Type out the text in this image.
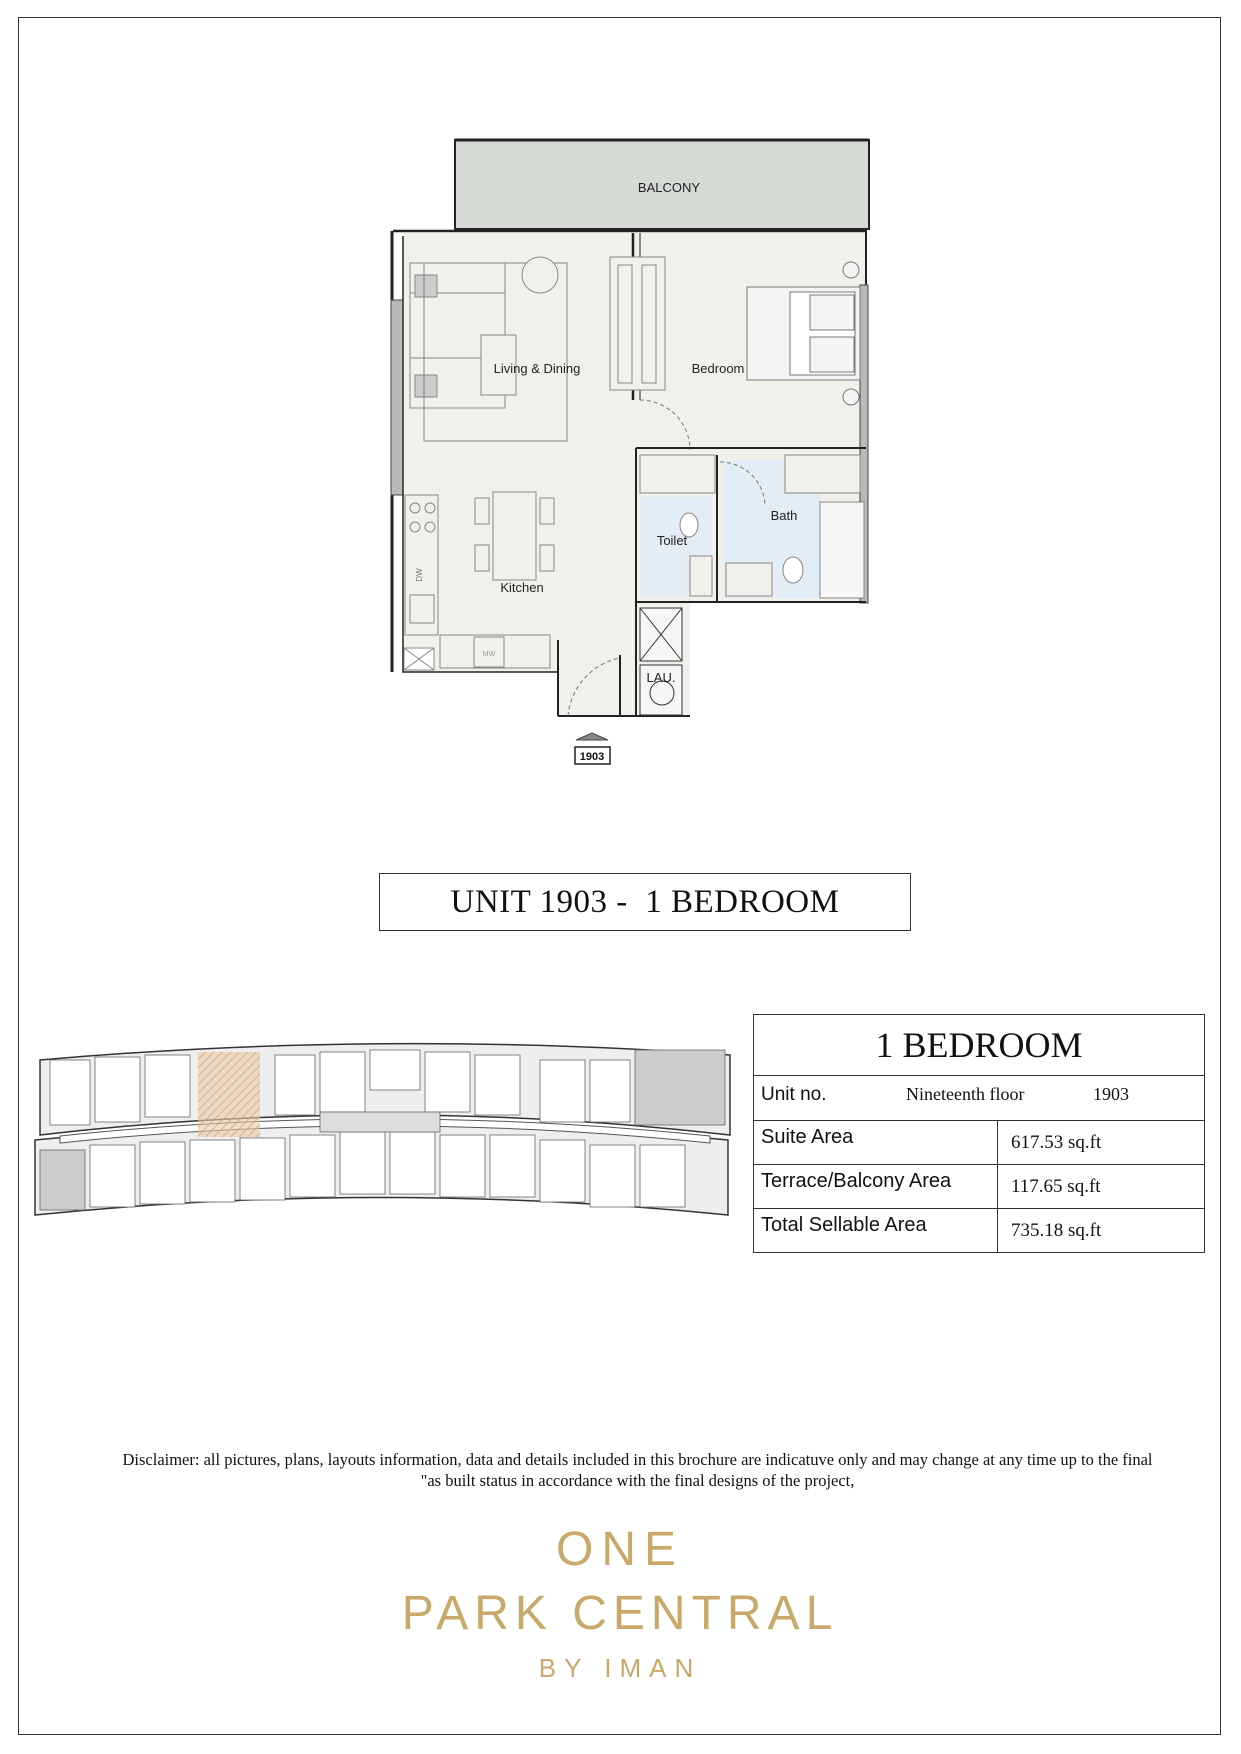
BALCONY
Living & Dining	Bedroom
Kitchen
DW
MW
Toilet
Bath
LAU.
1903
UNIT 1903 -  1 BEDROOM
1 BEDROOM	

Unit no. Nineteenth floor 1903	

Suite Area	617.53 sq.ft
Terrace/Balcony Area	117.65 sq.ft
Total Sellable Area	735.18 sq.ft
Disclaimer: all pictures, plans, layouts information, data and details included in this brochure are indicatuve only and may change at any time up to the final
"as built status in accordance with the final designs of the project,
ONE
PARK CENTRAL
BY IMAN
